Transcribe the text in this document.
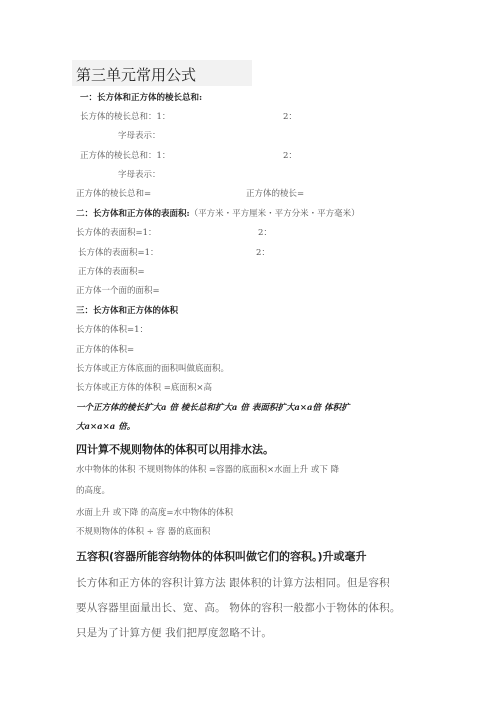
第三单元常用公式
一：长方体和正方体的棱长总和:
长方体的棱长总和：1：	2：
字母表示：
正方体的棱长总和：1：	2：
字母表示：
正方体的棱长总和=	正方体的棱长=
二：长方体和正方体的表面积:（平方米・平方厘米・平方分米・平方毫米）
长方体的表面积=1：	2：
长方体的表面积=1：	2：
正方体的表面积=
正方体一个面的面积=
三：长方体和正方体的体积
长方体的体积=1：
正方体的体积=
长方体或正方体底面的面积叫做底面积。
长方体或正方体的体积 =底面积×高
一个正方体的棱长扩大a 倍 棱长总和扩大a 倍 表面积扩大a×a倍 体积扩
大a×a×a 倍。
四计算不规则物体的体积可以用排水法。
水中物体的体积 不规则物体的体积 =容器的底面积×水面上升 或下 降
的高度。
水面上升 或下降 的高度=水中物体的体积
不规则物体的体积 ÷ 容 器的底面积
五容积(容器所能容纳物体的体积叫做它们的容积。)升或毫升
长方体和正方体的容积计算方法 跟体积的计算方法相同。但是容积
要从容器里面量出长、宽、高。 物体的容积一般都小于物体的体积。
只是为了计算方便 我们把厚度忽略不计。
